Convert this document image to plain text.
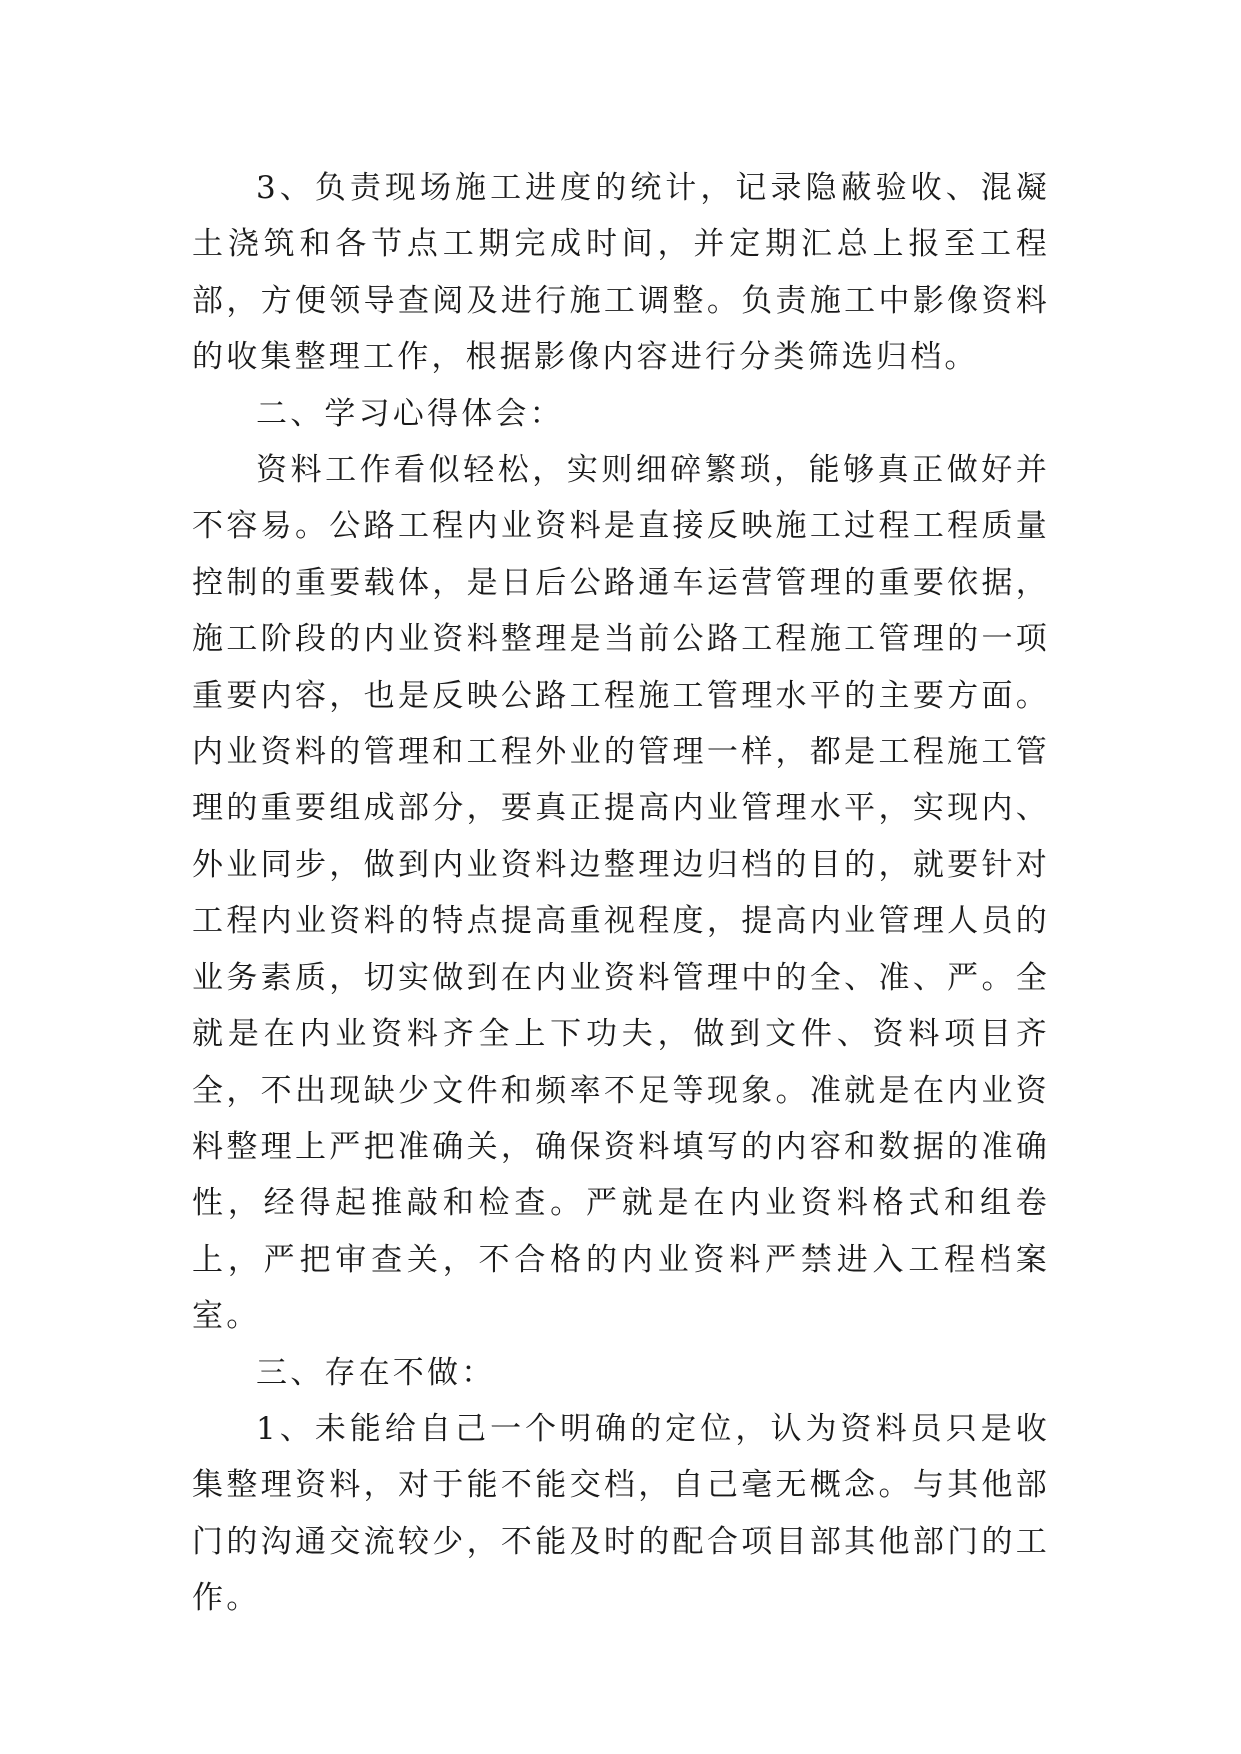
3、负责现场施工进度的统计，记录隐蔽验收、混凝土浇筑和各节点工期完成时间，并定期汇总上报至工程部，方便领导查阅及进行施工调整。负责施工中影像资料的收集整理工作，根据影像内容进行分类筛选归档。

二、学习心得体会：

资料工作看似轻松，实则细碎繁琐，能够真正做好并不容易。公路工程内业资料是直接反映施工过程工程质量控制的重要载体，是日后公路通车运营管理的重要依据，施工阶段的内业资料整理是当前公路工程施工管理的一项重要内容，也是反映公路工程施工管理水平的主要方面。内业资料的管理和工程外业的管理一样，都是工程施工管理的重要组成部分，要真正提高内业管理水平，实现内、外业同步，做到内业资料边整理边归档的目的，就要针对工程内业资料的特点提高重视程度，提高内业管理人员的业务素质，切实做到在内业资料管理中的全、准、严。全就是在内业资料齐全上下功夫，做到文件、资料项目齐全，不出现缺少文件和频率不足等现象。准就是在内业资料整理上严把准确关，确保资料填写的内容和数据的准确性，经得起推敲和检查。严就是在内业资料格式和组卷上，严把审查关，不合格的内业资料严禁进入工程档案室。

三、存在不做：

1、未能给自己一个明确的定位，认为资料员只是收集整理资料，对于能不能交档，自己毫无概念。与其他部门的沟通交流较少，不能及时的配合项目部其他部门的工作。
